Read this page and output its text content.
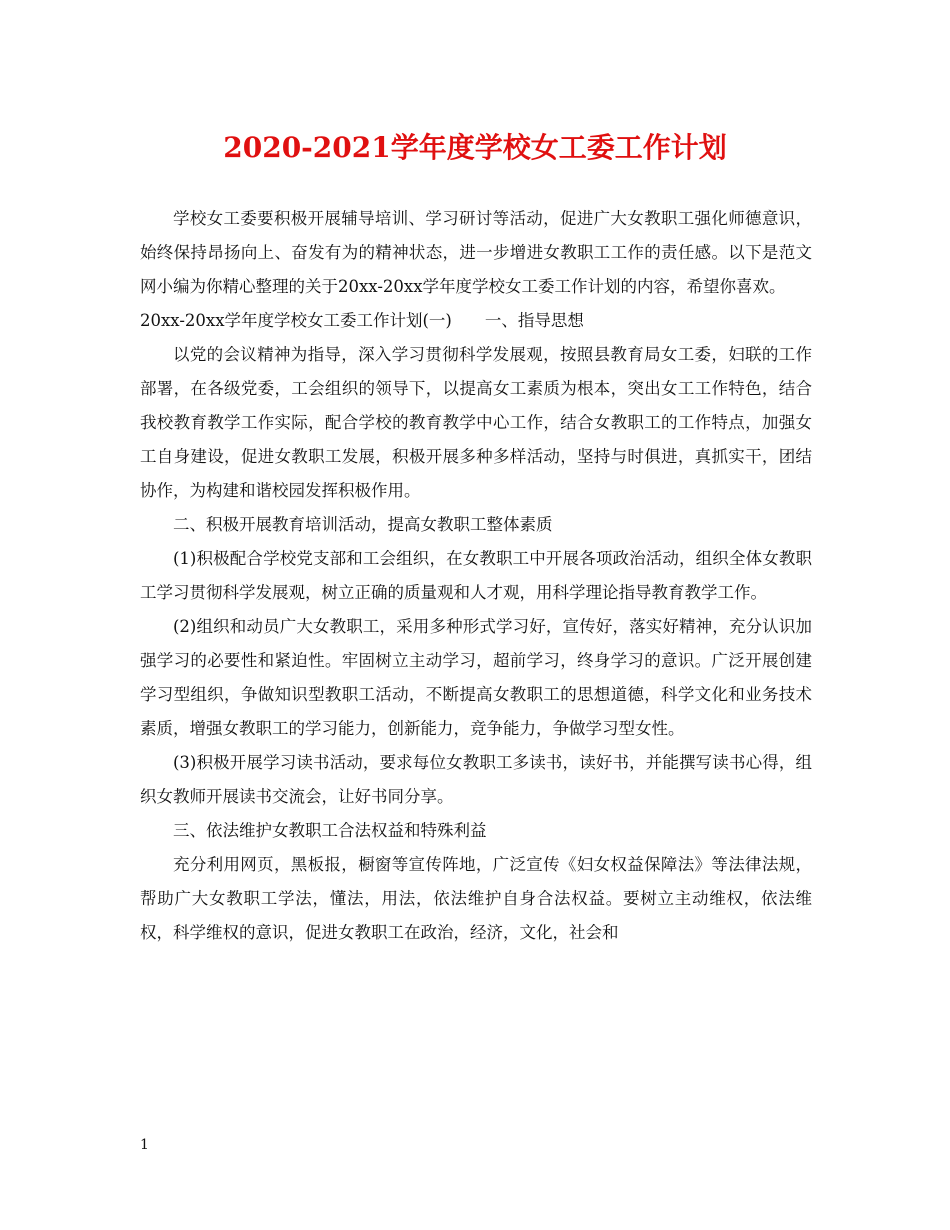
2020-2021学年度学校女工委工作计划

学校女工委要积极开展辅导培训、学习研讨等活动，促进广大女教职工强化师德意识，始终保持昂扬向上、奋发有为的精神状态，进一步增进女教职工工作的责任感。以下是范文网小编为你精心整理的关于20xx-20xx学年度学校女工委工作计划的内容，希望你喜欢。

20xx-20xx学年度学校女工委工作计划(一)　　一、指导思想

以党的会议精神为指导，深入学习贯彻科学发展观，按照县教育局女工委，妇联的工作部署，在各级党委，工会组织的领导下，以提高女工素质为根本，突出女工工作特色，结合我校教育教学工作实际，配合学校的教育教学中心工作，结合女教职工的工作特点，加强女工自身建设，促进女教职工发展，积极开展多种多样活动，坚持与时俱进，真抓实干，团结协作，为构建和谐校园发挥积极作用。

二、积极开展教育培训活动，提高女教职工整体素质

(1)积极配合学校党支部和工会组织，在女教职工中开展各项政治活动，组织全体女教职工学习贯彻科学发展观，树立正确的质量观和人才观，用科学理论指导教育教学工作。

(2)组织和动员广大女教职工，采用多种形式学习好，宣传好，落实好精神，充分认识加强学习的必要性和紧迫性。牢固树立主动学习，超前学习，终身学习的意识。广泛开展创建学习型组织，争做知识型教职工活动，不断提高女教职工的思想道德，科学文化和业务技术素质，增强女教职工的学习能力，创新能力，竞争能力，争做学习型女性。

(3)积极开展学习读书活动，要求每位女教职工多读书，读好书，并能撰写读书心得，组织女教师开展读书交流会，让好书同分享。

三、依法维护女教职工合法权益和特殊利益

充分利用网页，黑板报，橱窗等宣传阵地，广泛宣传《妇女权益保障法》等法律法规，帮助广大女教职工学法，懂法，用法，依法维护自身合法权益。要树立主动维权，依法维权，科学维权的意识，促进女教职工在政治，经济，文化，社会和

1
